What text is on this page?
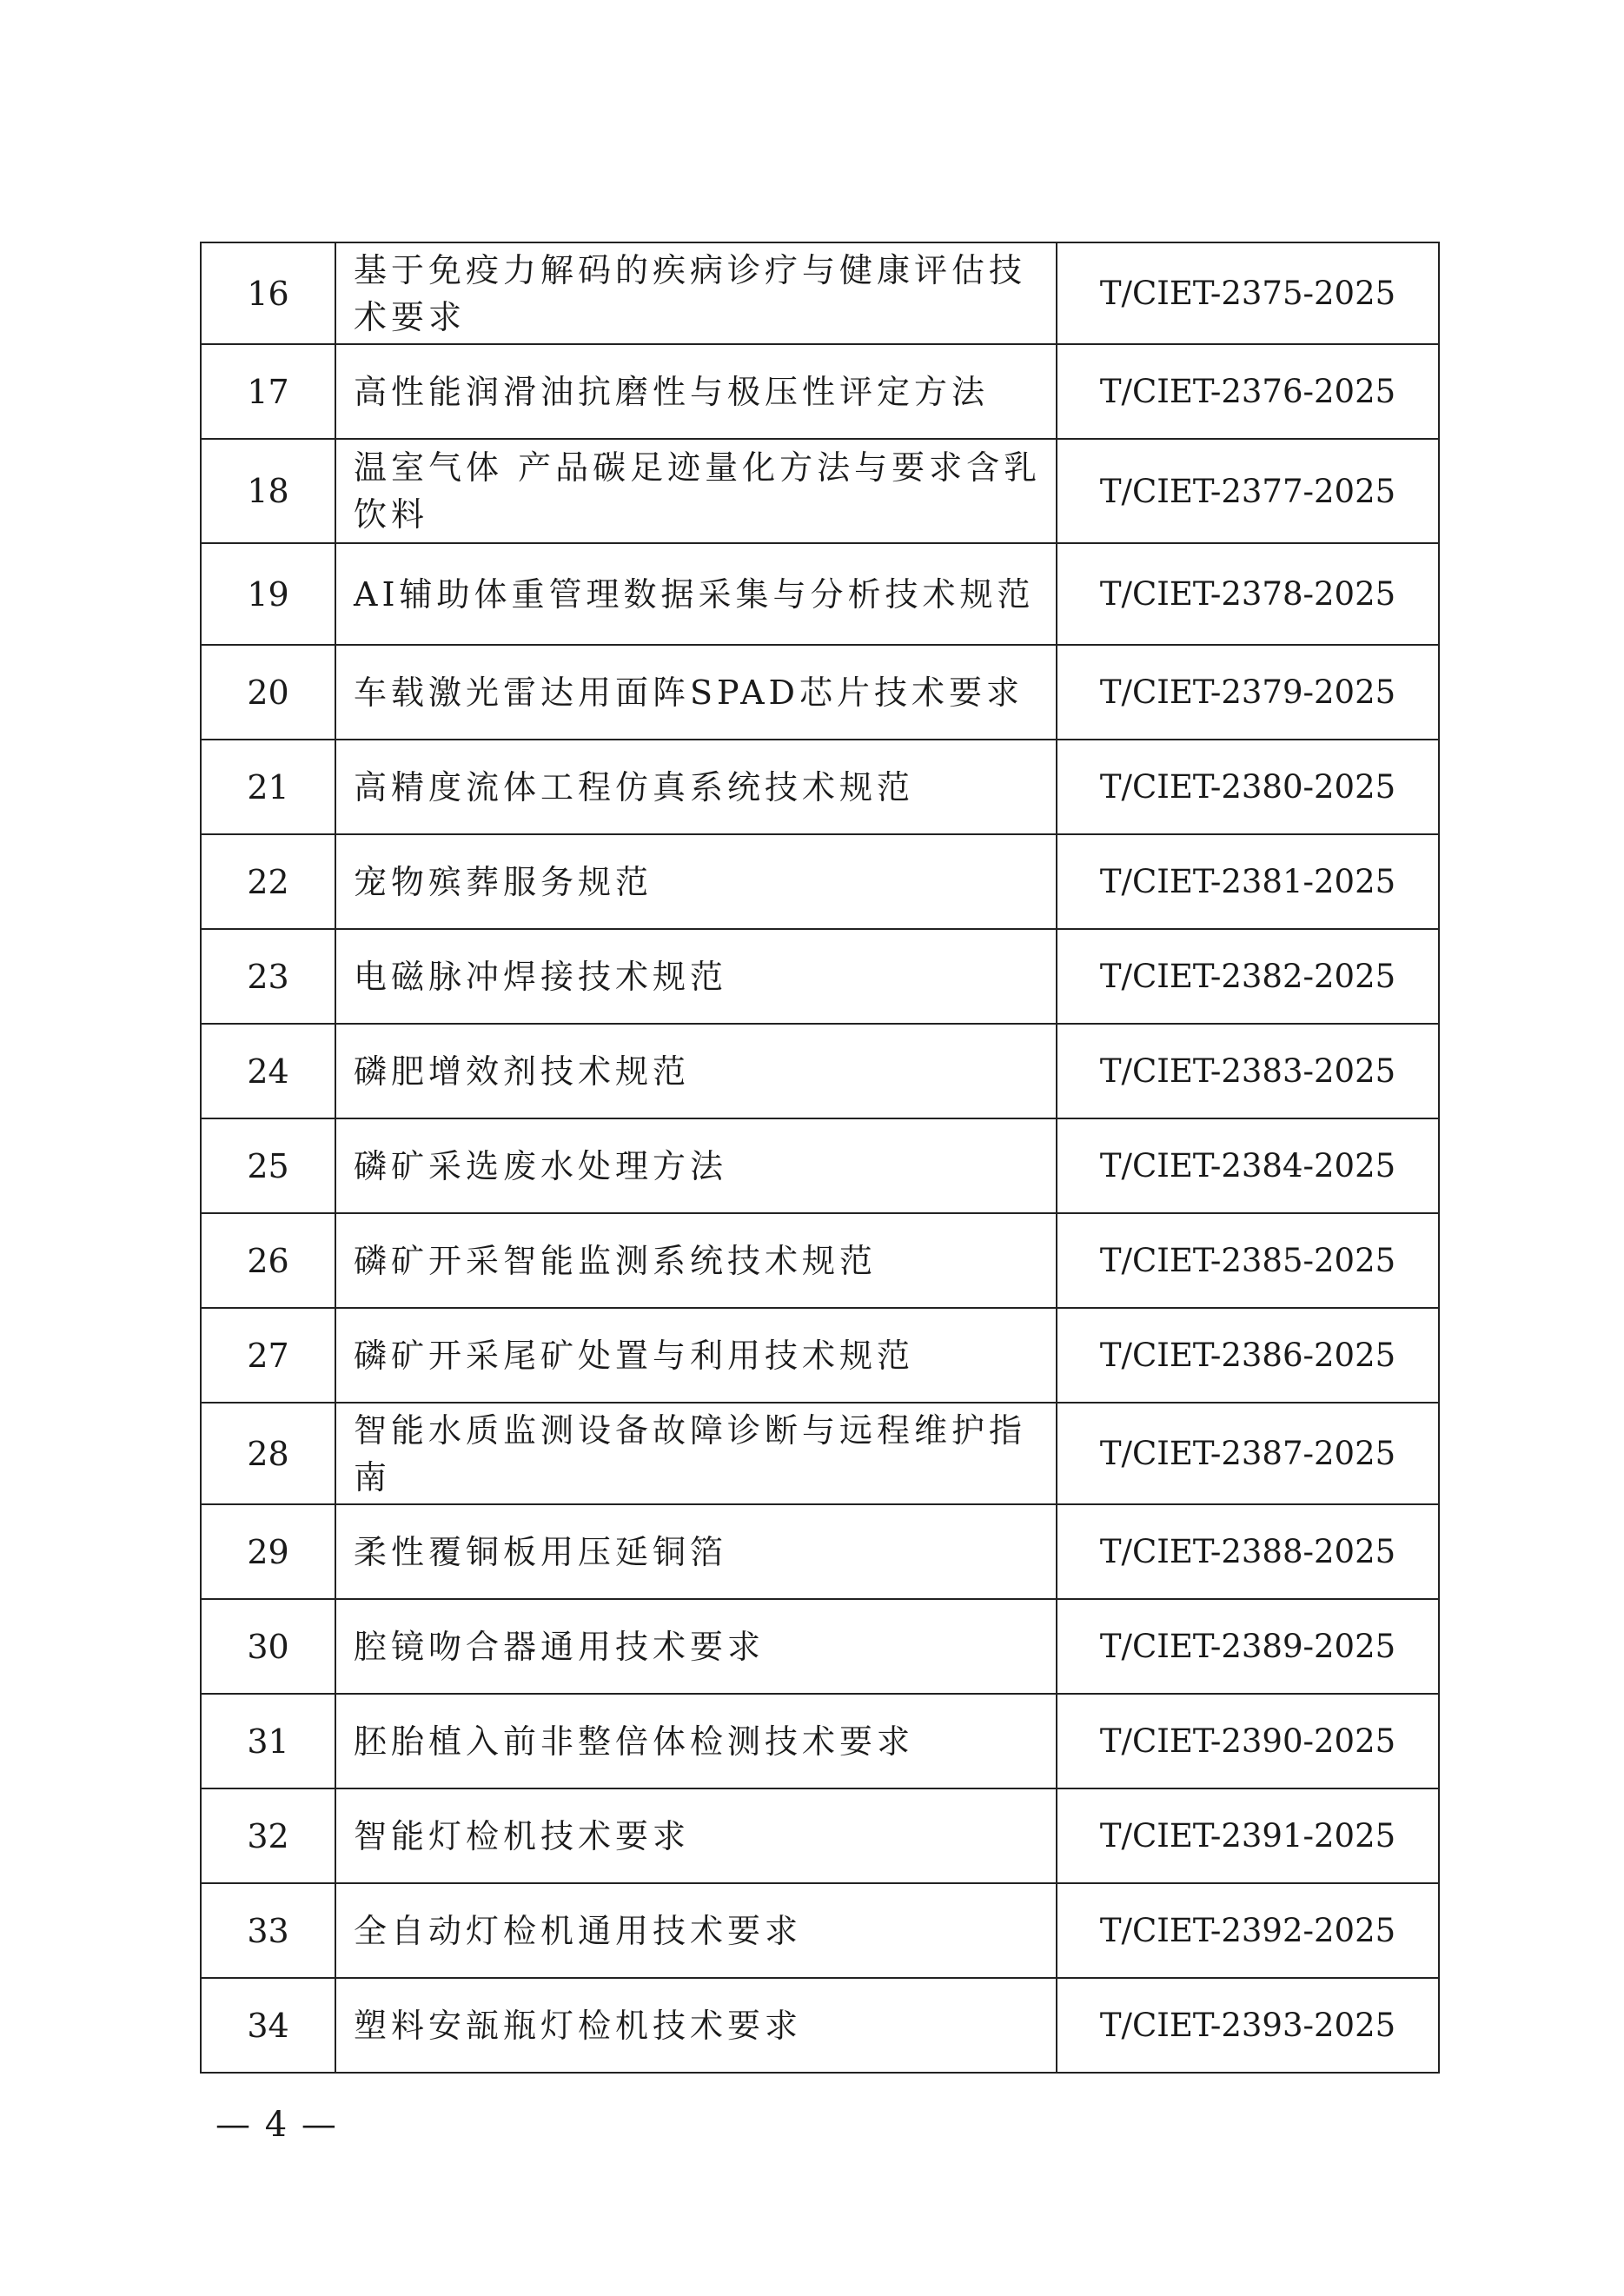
16	基于免疫力解码的疾病诊疗与健康评估技术要求	T/CIET-2375-2025
17	高性能润滑油抗磨性与极压性评定方法	T/CIET-2376-2025
18	温室气体 产品碳足迹量化方法与要求含乳饮料	T/CIET-2377-2025
19	AI辅助体重管理数据采集与分析技术规范	T/CIET-2378-2025
20	车载激光雷达用面阵SPAD芯片技术要求	T/CIET-2379-2025
21	高精度流体工程仿真系统技术规范	T/CIET-2380-2025
22	宠物殡葬服务规范	T/CIET-2381-2025
23	电磁脉冲焊接技术规范	T/CIET-2382-2025
24	磷肥增效剂技术规范	T/CIET-2383-2025
25	磷矿采选废水处理方法	T/CIET-2384-2025
26	磷矿开采智能监测系统技术规范	T/CIET-2385-2025
27	磷矿开采尾矿处置与利用技术规范	T/CIET-2386-2025
28	智能水质监测设备故障诊断与远程维护指南	T/CIET-2387-2025
29	柔性覆铜板用压延铜箔	T/CIET-2388-2025
30	腔镜吻合器通用技术要求	T/CIET-2389-2025
31	胚胎植入前非整倍体检测技术要求	T/CIET-2390-2025
32	智能灯检机技术要求	T/CIET-2391-2025
33	全自动灯检机通用技术要求	T/CIET-2392-2025
34	塑料安瓿瓶灯检机技术要求	T/CIET-2393-2025
— 4 —
